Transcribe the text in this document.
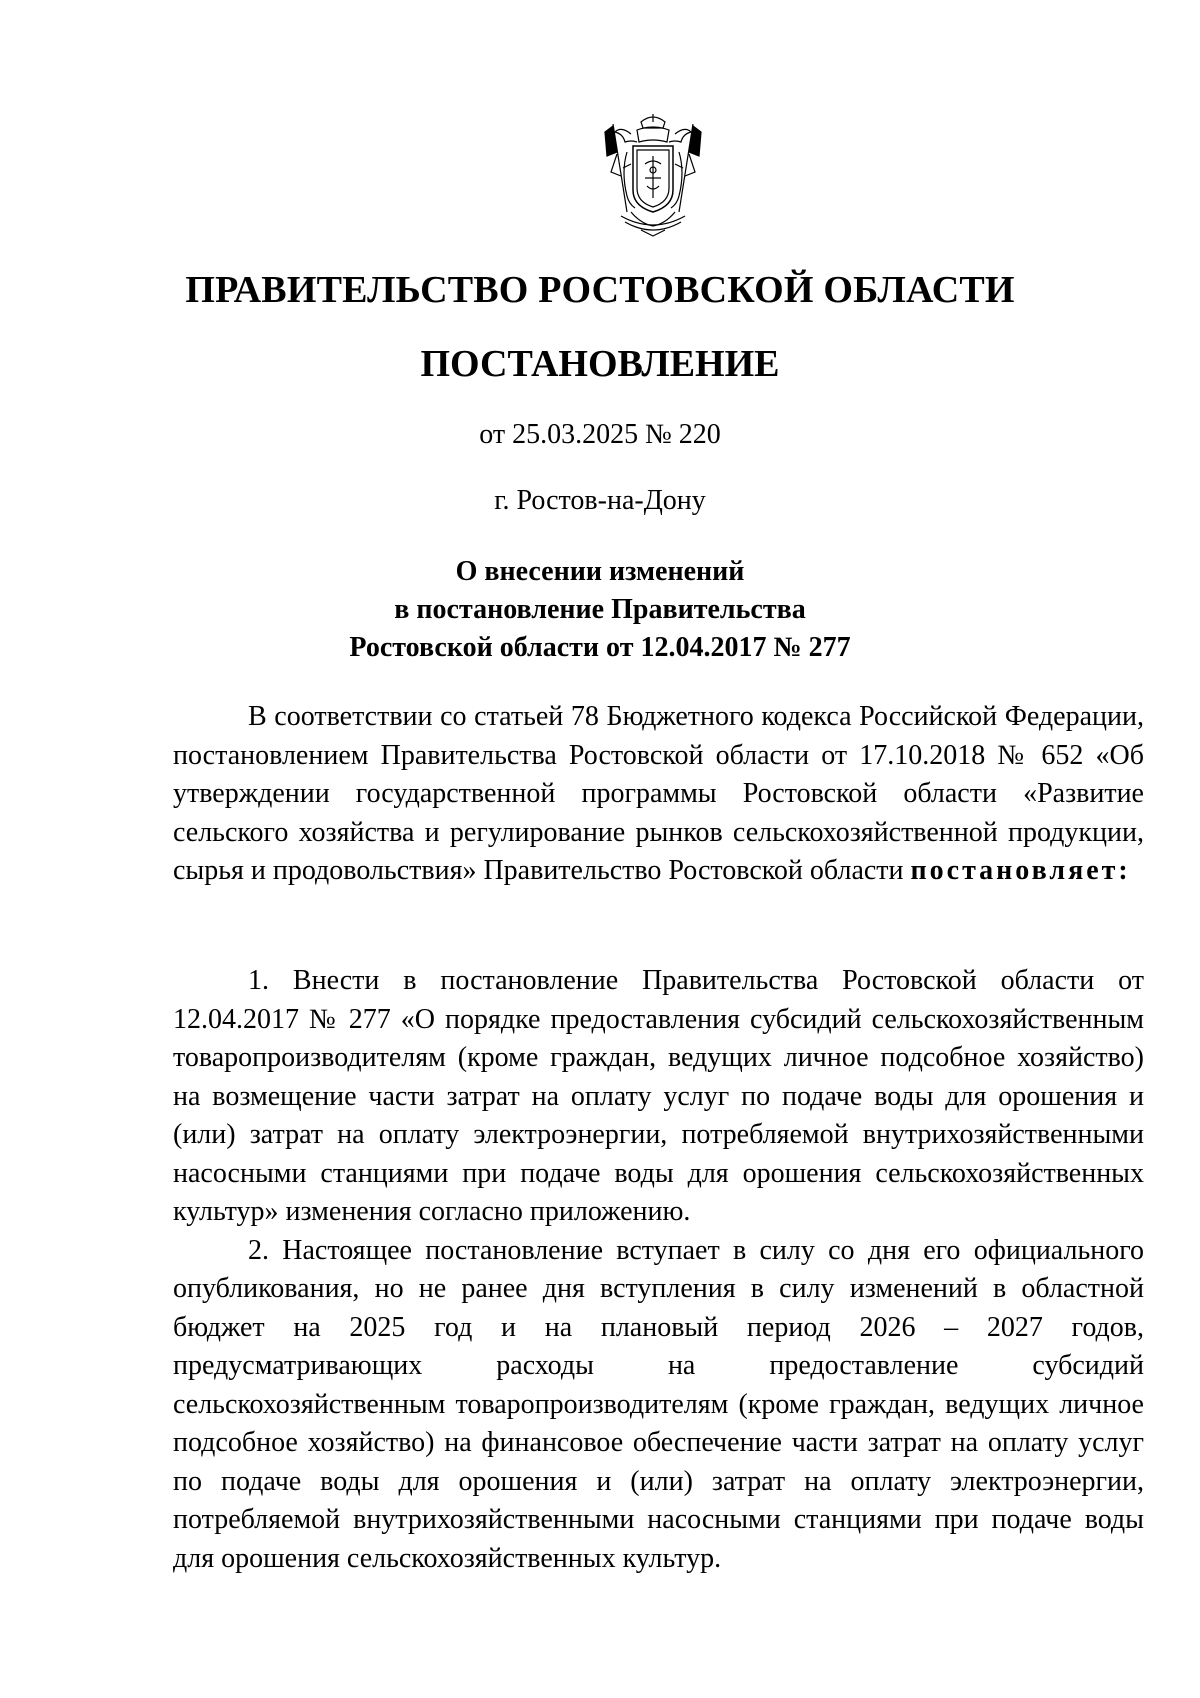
ПРАВИТЕЛЬСТВО РОСТОВСКОЙ ОБЛАСТИ
ПОСТАНОВЛЕНИЕ
от 25.03.2025 № 220
г. Ростов-на-Дону
О внесении изменений
в постановление Правительства
Ростовской области от 12.04.2017 № 277

В соответствии со статьей 78 Бюджетного кодекса Российской Федерации, постановлением Правительства Ростовской области от 17.10.2018 № 652 «Об утверждении государственной программы Ростовской области «Развитие сельского хозяйства и регулирование рынков сельскохозяйственной продукции, сырья и продовольствия» Правительство Ростовской области постановляет:

1. Внести в постановление Правительства Ростовской области от 12.04.2017 № 277 «О порядке предоставления субсидий сельскохозяйственным товаропроизводителям (кроме граждан, ведущих личное подсобное хозяйство) на возмещение части затрат на оплату услуг по подаче воды для орошения и (или) затрат на оплату электроэнергии, потребляемой внутрихозяйственными насосными станциями при подаче воды для орошения сельскохозяйственных культур» изменения согласно приложению.

2. Настоящее постановление вступает в силу со дня его официального опубликования, но не ранее дня вступления в силу изменений в областной бюджет на 2025 год и на плановый период 2026 – 2027 годов, предусматривающих расходы на предоставление субсидий сельскохозяйственным товаропроизводителям (кроме граждан, ведущих личное подсобное хозяйство) на финансовое обеспечение части затрат на оплату услуг по подаче воды для орошения и (или) затрат на оплату электроэнергии, потребляемой внутрихозяйственными насосными станциями при подаче воды для орошения сельскохозяйственных культур.
